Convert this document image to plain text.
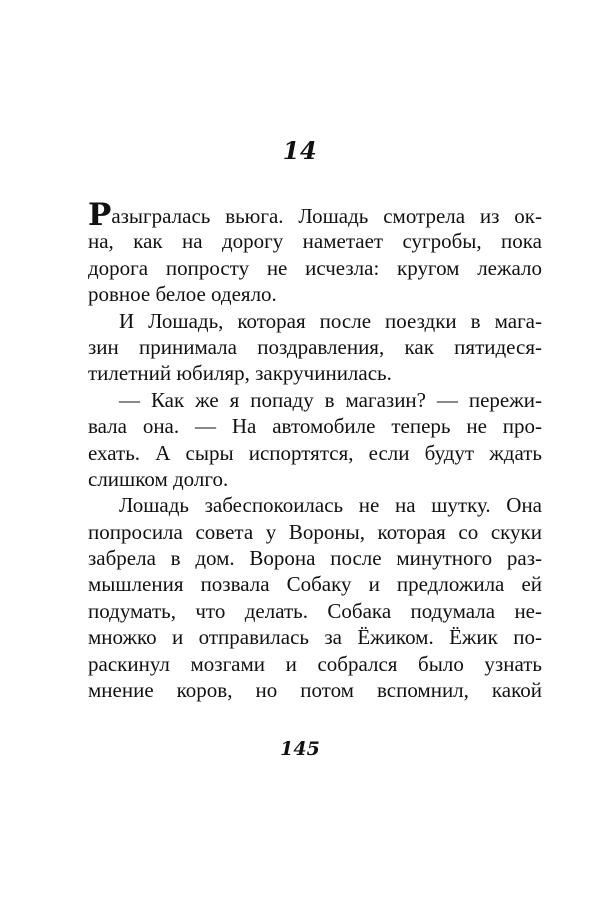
14
Разыгралась вьюга. Лошадь смотрела из ок-
на, как на дорогу наметает сугробы, пока
дорога попросту не исчезла: кругом лежало
ровное белое одеяло.
И Лошадь, которая после поездки в мага-
зин принимала поздравления, как пятидеся-
тилетний юбиляр, закручинилась.
— Как же я попаду в магазин? — пережи-
вала она. — На автомобиле теперь не про-
ехать. А сыры испортятся, если будут ждать
слишком долго.
Лошадь забеспокоилась не на шутку. Она
попросила совета у Вороны, которая со скуки
забрела в дом. Ворона после минутного раз-
мышления позвала Собаку и предложила ей
подумать, что делать. Собака подумала не-
множко и отправилась за Ёжиком. Ёжик по-
раскинул мозгами и собрался было узнать
мнение коров, но потом вспомнил, какой
145
